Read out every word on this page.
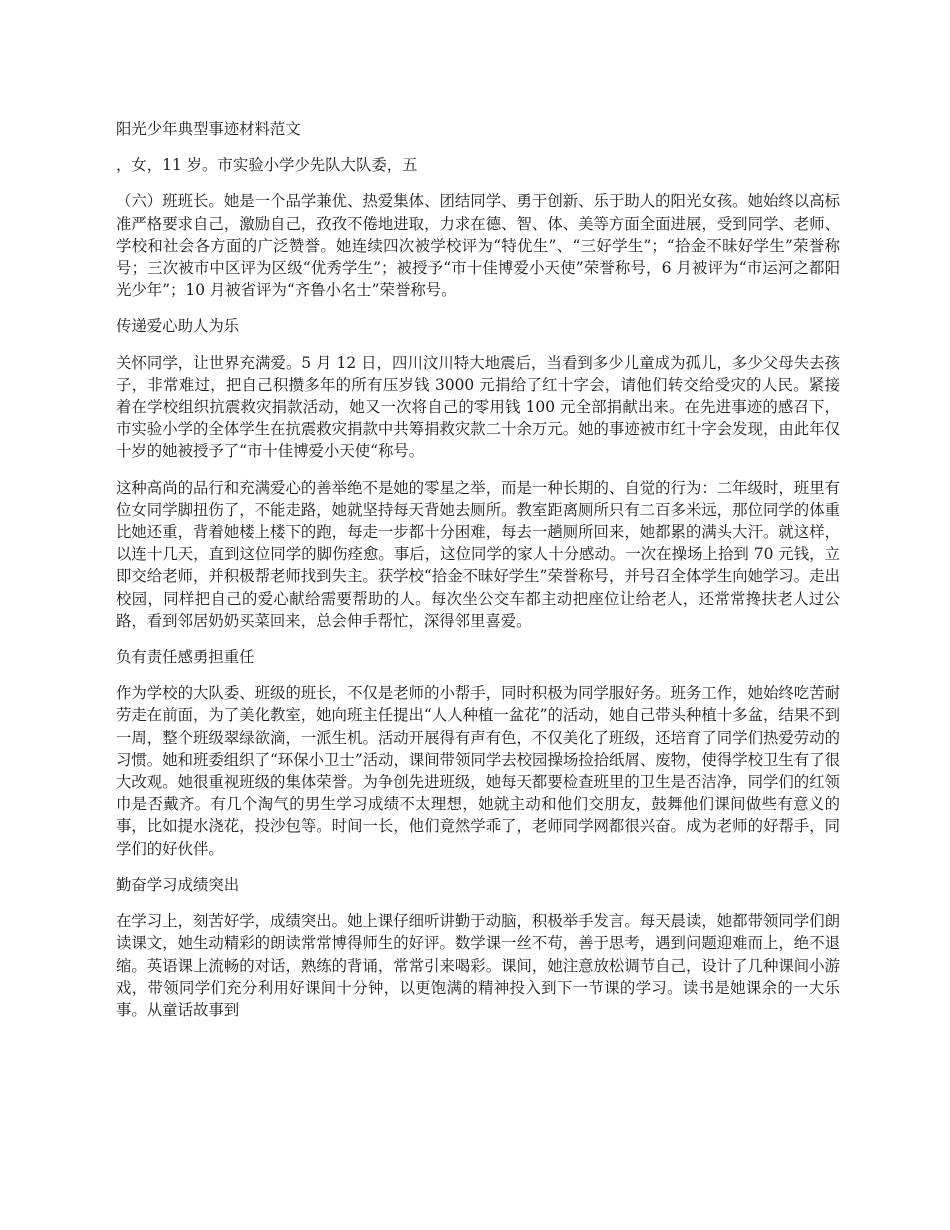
阳光少年典型事迹材料范文
，女，11 岁。市实验小学少先队大队委，五
（六）班班长。她是一个品学兼优、热爱集体、团结同学、勇于创新、乐于助人的阳光女孩。她始终以高标准严格要求自己，激励自己，孜孜不倦地进取，力求在德、智、体、美等方面全面进展，受到同学、老师、学校和社会各方面的广泛赞誉。她连续四次被学校评为“特优生”、“三好学生”；“拾金不昧好学生”荣誉称号；三次被市中区评为区级“优秀学生”；被授予“市十佳博爱小天使”荣誉称号，6 月被评为“市运河之都阳光少年”；10 月被省评为“齐鲁小名士”荣誉称号。
传递爱心助人为乐
关怀同学，让世界充满爱。5 月 12 日，四川汶川特大地震后，当看到多少儿童成为孤儿，多少父母失去孩子，非常难过，把自己积攒多年的所有压岁钱 3000 元捐给了红十字会，请他们转交给受灾的人民。紧接着在学校组织抗震救灾捐款活动，她又一次将自己的零用钱 100 元全部捐献出来。在先进事迹的感召下，市实验小学的全体学生在抗震救灾捐款中共筹捐救灾款二十余万元。她的事迹被市红十字会发现，由此年仅十岁的她被授予了“市十佳博爱小天使“称号。
这种高尚的品行和充满爱心的善举绝不是她的零星之举，而是一种长期的、自觉的行为：二年级时，班里有位女同学脚扭伤了，不能走路，她就坚持每天背她去厕所。教室距离厕所只有二百多米远，那位同学的体重比她还重，背着她楼上楼下的跑，每走一步都十分困难，每去一趟厕所回来，她都累的满头大汗。就这样，以连十几天，直到这位同学的脚伤痊愈。事后，这位同学的家人十分感动。一次在操场上拾到 70 元钱，立即交给老师，并积极帮老师找到失主。获学校“拾金不昧好学生”荣誉称号，并号召全体学生向她学习。走出校园，同样把自己的爱心献给需要帮助的人。每次坐公交车都主动把座位让给老人，还常常搀扶老人过公路，看到邻居奶奶买菜回来，总会伸手帮忙，深得邻里喜爱。
负有责任感勇担重任
作为学校的大队委、班级的班长，不仅是老师的小帮手，同时积极为同学服好务。班务工作，她始终吃苦耐劳走在前面，为了美化教室，她向班主任提出“人人种植一盆花”的活动，她自己带头种植十多盆，结果不到一周，整个班级翠绿欲滴，一派生机。活动开展得有声有色，不仅美化了班级，还培育了同学们热爱劳动的习惯。她和班委组织了“环保小卫士”活动，课间带领同学去校园操场捡拾纸屑、废物，使得学校卫生有了很大改观。她很重视班级的集体荣誉。为争创先进班级，她每天都要检查班里的卫生是否洁净，同学们的红领巾是否戴齐。有几个淘气的男生学习成绩不太理想，她就主动和他们交朋友，鼓舞他们课间做些有意义的事，比如提水浇花，投沙包等。时间一长，他们竟然学乖了，老师同学网都很兴奋。成为老师的好帮手，同学们的好伙伴。
勤奋学习成绩突出
在学习上，刻苦好学，成绩突出。她上课仔细听讲勤于动脑，积极举手发言。每天晨读，她都带领同学们朗读课文，她生动精彩的朗读常常博得师生的好评。数学课一丝不苟，善于思考，遇到问题迎难而上，绝不退缩。英语课上流畅的对话，熟练的背诵，常常引来喝彩。课间，她注意放松调节自己，设计了几种课间小游戏，带领同学们充分利用好课间十分钟，以更饱满的精神投入到下一节课的学习。读书是她课余的一大乐事。从童话故事到
